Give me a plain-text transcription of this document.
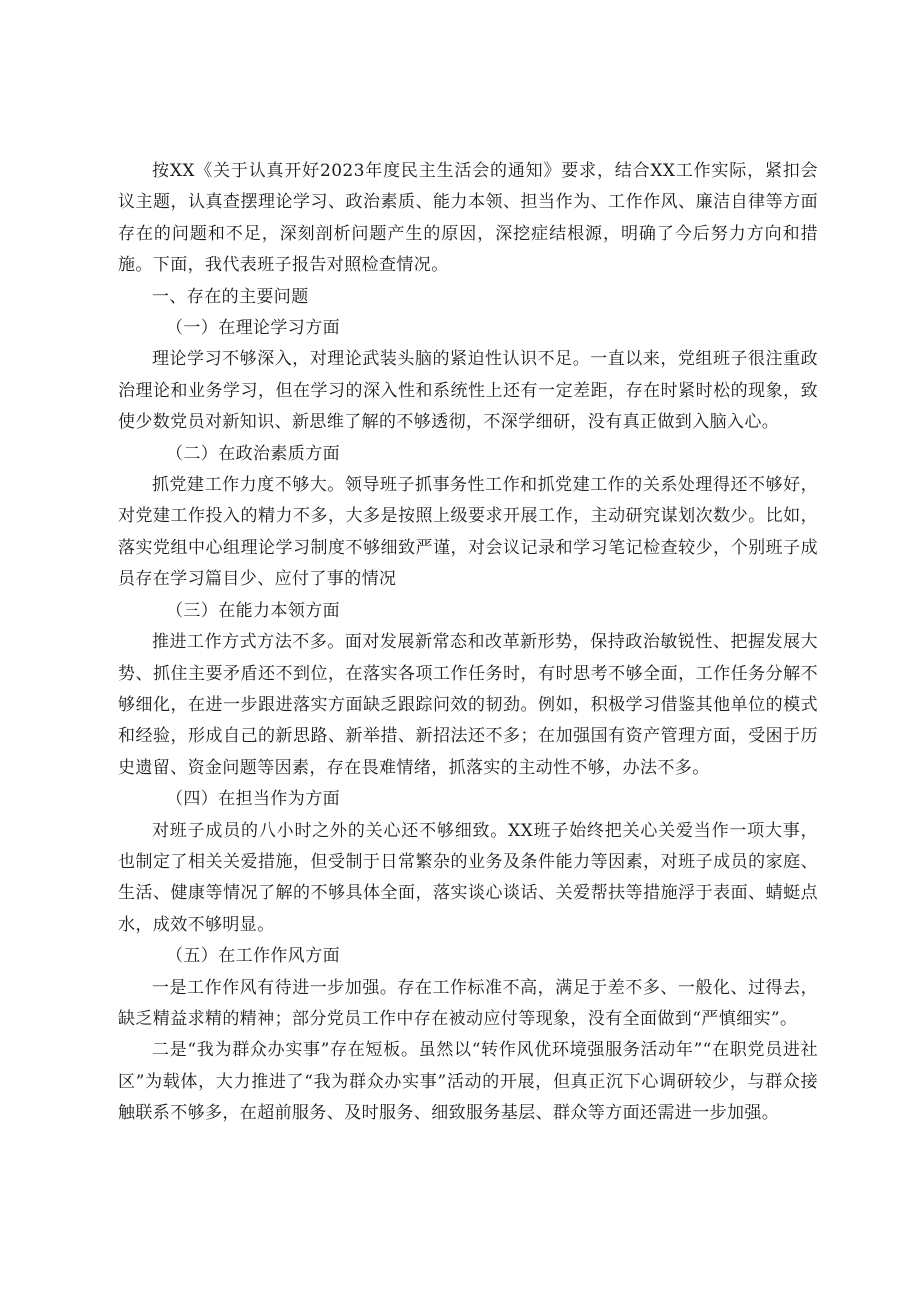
按XX《关于认真开好2023年度民主生活会的通知》要求，结合XX工作实际，紧扣会议主题，认真查摆理论学习、政治素质、能力本领、担当作为、工作作风、廉洁自律等方面存在的问题和不足，深刻剖析问题产生的原因，深挖症结根源，明确了今后努力方向和措施。下面，我代表班子报告对照检查情况。

一、存在的主要问题

（一）在理论学习方面

理论学习不够深入，对理论武装头脑的紧迫性认识不足。一直以来，党组班子很注重政治理论和业务学习，但在学习的深入性和系统性上还有一定差距，存在时紧时松的现象，致使少数党员对新知识、新思维了解的不够透彻，不深学细研，没有真正做到入脑入心。

（二）在政治素质方面

抓党建工作力度不够大。领导班子抓事务性工作和抓党建工作的关系处理得还不够好，对党建工作投入的精力不多，大多是按照上级要求开展工作，主动研究谋划次数少。比如，落实党组中心组理论学习制度不够细致严谨，对会议记录和学习笔记检查较少，个别班子成员存在学习篇目少、应付了事的情况

（三）在能力本领方面

推进工作方式方法不多。面对发展新常态和改革新形势，保持政治敏锐性、把握发展大势、抓住主要矛盾还不到位，在落实各项工作任务时，有时思考不够全面，工作任务分解不够细化，在进一步跟进落实方面缺乏跟踪问效的韧劲。例如，积极学习借鉴其他单位的模式和经验，形成自己的新思路、新举措、新招法还不多；在加强国有资产管理方面，受困于历史遗留、资金问题等因素，存在畏难情绪，抓落实的主动性不够，办法不多。

（四）在担当作为方面

对班子成员的八小时之外的关心还不够细致。XX班子始终把关心关爱当作一项大事，也制定了相关关爱措施，但受制于日常繁杂的业务及条件能力等因素，对班子成员的家庭、生活、健康等情况了解的不够具体全面，落实谈心谈话、关爱帮扶等措施浮于表面、蜻蜓点水，成效不够明显。

（五）在工作作风方面

一是工作作风有待进一步加强。存在工作标准不高，满足于差不多、一般化、过得去，缺乏精益求精的精神；部分党员工作中存在被动应付等现象，没有全面做到“严慎细实”。

二是“我为群众办实事”存在短板。虽然以“转作风优环境强服务活动年”“在职党员进社区”为载体，大力推进了“我为群众办实事”活动的开展，但真正沉下心调研较少，与群众接触联系不够多，在超前服务、及时服务、细致服务基层、群众等方面还需进一步加强。
